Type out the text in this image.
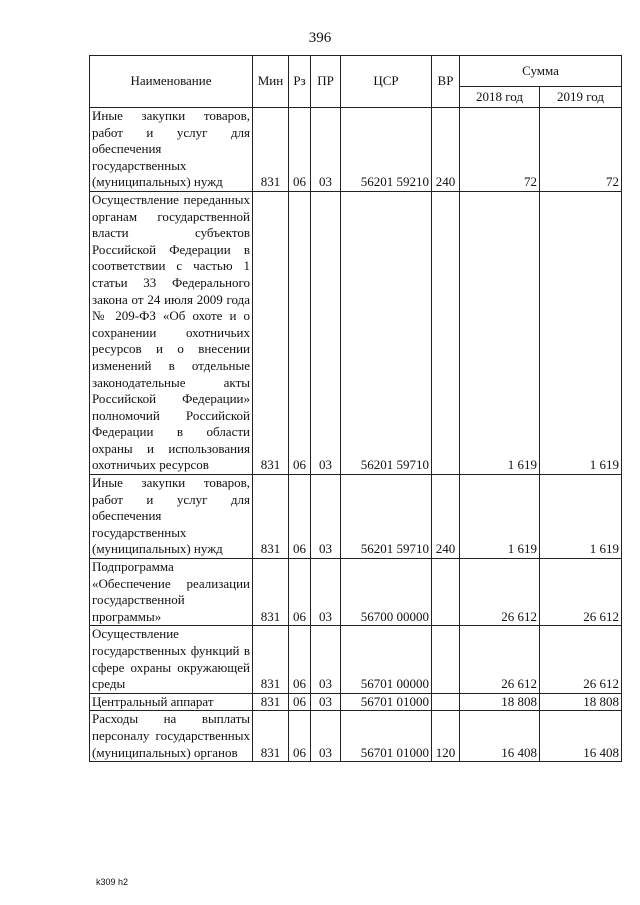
396
Наименование	Мин	Рз	ПР	ЦСР	ВР	Сумма	
						2018 год	2019 год
Иные закупки товаров, работ и услуг для обеспечения государственных (муниципальных) нужд	831	06	03	56201 59210	240	72	72
Осуществление переданных органам государственной власти субъектов Российской Федерации в соответствии с частью 1 статьи 33 Федерального закона от 24 июля 2009 года № 209-ФЗ «Об охоте и о сохранении охотничьих ресурсов и о внесении изменений в отдельные законодательные акты Российской Федерации» полномочий Российской Федерации в области охраны и использования охотничьих ресурсов	831	06	03	56201 59710		1 619	1 619
Иные закупки товаров, работ и услуг для обеспечения государственных (муниципальных) нужд	831	06	03	56201 59710	240	1 619	1 619
Подпрограмма «Обеспечение реализации государственной программы»	831	06	03	56700 00000		26 612	26 612
Осуществление государственных функций в сфере охраны окружающей среды	831	06	03	56701 00000		26 612	26 612
Центральный аппарат	831	06	03	56701 01000		18 808	18 808
Расходы на выплаты персоналу государственных (муниципальных) органов	831	06	03	56701 01000	120	16 408	16 408
k309 h2
